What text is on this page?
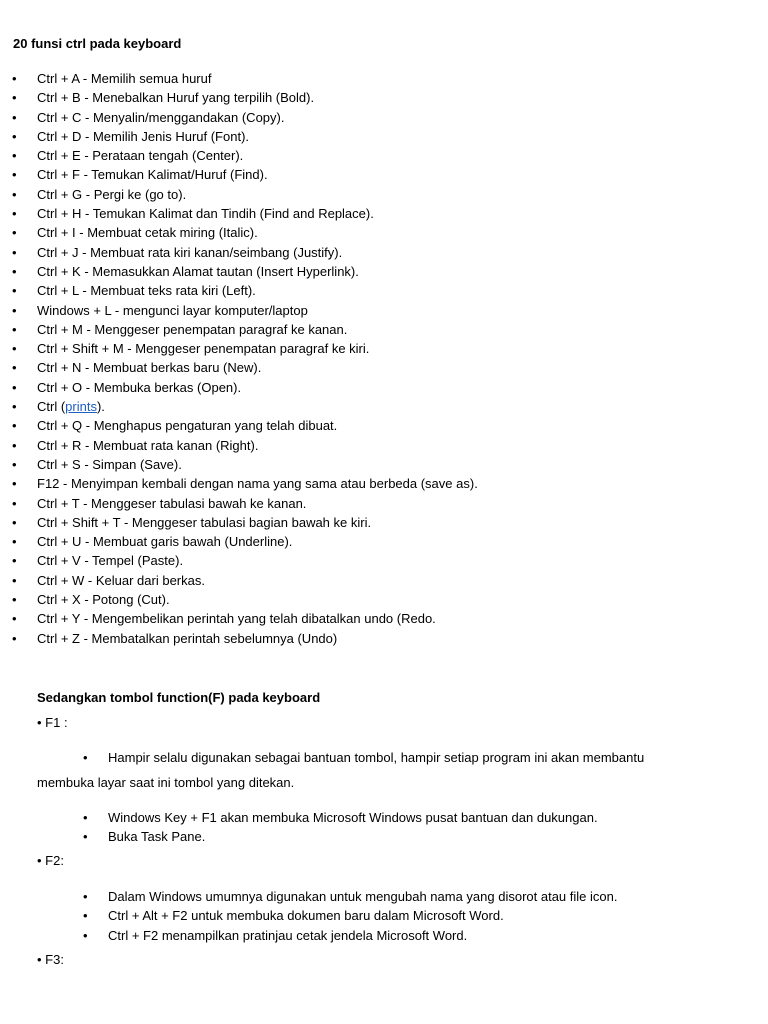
20 funsi ctrl pada keyboard
• Ctrl + A - Memilih semua huruf
• Ctrl + B - Menebalkan Huruf yang terpilih (Bold).
• Ctrl + C - Menyalin/menggandakan (Copy).
• Ctrl + D - Memilih Jenis Huruf (Font).
• Ctrl + E - Perataan tengah (Center).
• Ctrl + F - Temukan Kalimat/Huruf (Find).
• Ctrl + G - Pergi ke (go to).
• Ctrl + H - Temukan Kalimat dan Tindih (Find and Replace).
• Ctrl + I - Membuat cetak miring (Italic).
• Ctrl + J - Membuat rata kiri kanan/seimbang (Justify).
• Ctrl + K - Memasukkan Alamat tautan (Insert Hyperlink).
• Ctrl + L - Membuat teks rata kiri (Left).
• Windows + L - mengunci layar komputer/laptop
• Ctrl + M - Menggeser penempatan paragraf ke kanan.
• Ctrl + Shift + M - Menggeser penempatan paragraf ke kiri.
• Ctrl + N - Membuat berkas baru (New).
• Ctrl + O - Membuka berkas (Open).
• Ctrl (prints).
• Ctrl + Q - Menghapus pengaturan yang telah dibuat.
• Ctrl + R - Membuat rata kanan (Right).
• Ctrl + S - Simpan (Save).
• F12 - Menyimpan kembali dengan nama yang sama atau berbeda (save as).
• Ctrl + T - Menggeser tabulasi bawah ke kanan.
• Ctrl + Shift + T - Menggeser tabulasi bagian bawah ke kiri.
• Ctrl + U - Membuat garis bawah (Underline).
• Ctrl + V - Tempel (Paste).
• Ctrl + W - Keluar dari berkas.
• Ctrl + X - Potong (Cut).
• Ctrl + Y - Mengembelikan perintah yang telah dibatalkan undo (Redo.
• Ctrl + Z - Membatalkan perintah sebelumnya (Undo)
Sedangkan tombol function(F) pada keyboard
• F1 :
• Hampir selalu digunakan sebagai bantuan tombol, hampir setiap program ini akan membantu
membuka layar saat ini tombol yang ditekan.
• Windows Key + F1 akan membuka Microsoft Windows pusat bantuan dan dukungan.
• Buka Task Pane.
• F2:
• Dalam Windows umumnya digunakan untuk mengubah nama yang disorot atau file icon.
• Ctrl + Alt + F2 untuk membuka dokumen baru dalam Microsoft Word.
• Ctrl + F2 menampilkan pratinjau cetak jendela Microsoft Word.
• F3:
